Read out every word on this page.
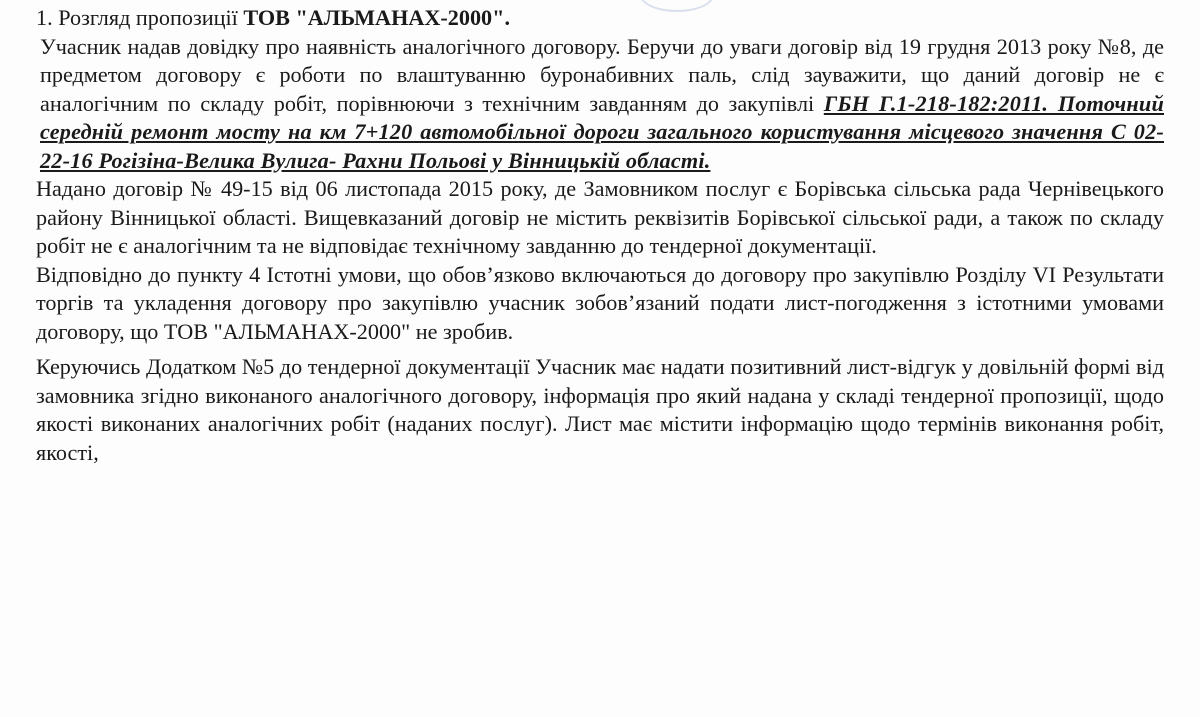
1. Розгляд пропозиції ТОВ "АЛЬМАНАХ-2000".

Учасник надав довідку про наявність аналогічного договору. Беручи до уваги договір від 19 грудня 2013 року №8, де предметом договору є роботи по влаштуванню буронабивних паль, слід зауважити, що даний договір не є аналогічним по складу робіт, порівнюючи з технічним завданням до закупівлі ГБН Г.1-218-182:2011. Поточний середній ремонт мосту на км 7+120 автомобільної дороги загального користування місцевого значення С 02-22-16 Рогізіна-Велика Вулига- Рахни Польові у Вінницькій області.

Надано договір № 49-15 від 06 листопада 2015 року, де Замовником послуг є Борівська сільська рада Чернівецького району Вінницької області. Вищевказаний договір не містить реквізитів Борівської сільської ради, а також по складу робіт не є аналогічним та не відповідає технічному завданню до тендерної документації.

Відповідно до пункту 4 Істотні умови, що обов’язково включаються до договору про закупівлю Розділу VI Результати торгів та укладення договору про закупівлю учасник зобов’язаний подати лист-погодження з істотними умовами договору, що ТОВ "АЛЬМАНАХ-2000" не зробив.

Керуючись Додатком №5 до тендерної документації Учасник має надати позитивний лист-відгук у довільній формі від замовника згідно виконаного аналогічного договору, інформація про який надана у складі тендерної пропозиції, щодо якості виконаних аналогічних робіт (наданих послуг). Лист має містити інформацію щодо термінів виконання робіт, якості,
